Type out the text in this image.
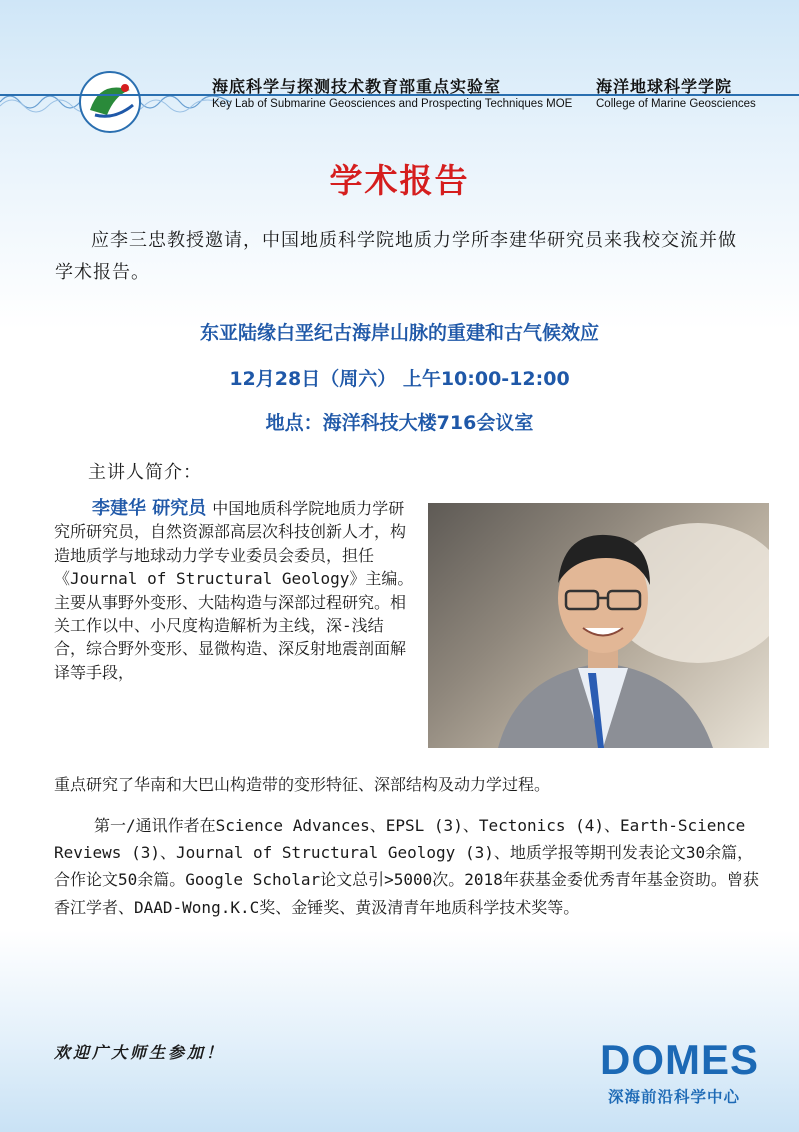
海底科学与探测技术教育部重点实验室
Key Lab of Submarine Geosciences and Prospecting Techniques MOE
海洋地球科学学院
College of Marine Geosciences
学术报告
应李三忠教授邀请，中国地质科学院地质力学所李建华研究员来我校交流并做学术报告。
东亚陆缘白垩纪古海岸山脉的重建和古气候效应
12月28日（周六） 上午10:00-12:00
地点：海洋科技大楼716会议室
主讲人简介：
李建华 研究员 中国地质科学院地质力学研究所研究员，自然资源部高层次科技创新人才，构造地质学与地球动力学专业委员会委员，担任《Journal of Structural Geology》主编。主要从事野外变形、大陆构造与深部过程研究。相关工作以中、小尺度构造解析为主线，深-浅结合，综合野外变形、显微构造、深反射地震剖面解译等手段，
重点研究了华南和大巴山构造带的变形特征、深部结构及动力学过程。
第一/通讯作者在Science Advances、EPSL (3)、Tectonics (4)、Earth-Science Reviews (3)、Journal of Structural Geology (3)、地质学报等期刊发表论文30余篇，合作论文50余篇。Google Scholar论文总引>5000次。2018年获基金委优秀青年基金资助。曾获香江学者、DAAD-Wong.K.C奖、金锤奖、黄汲清青年地质科学技术奖等。
欢迎广大师生参加！	DOMES
深海前沿科学中心
